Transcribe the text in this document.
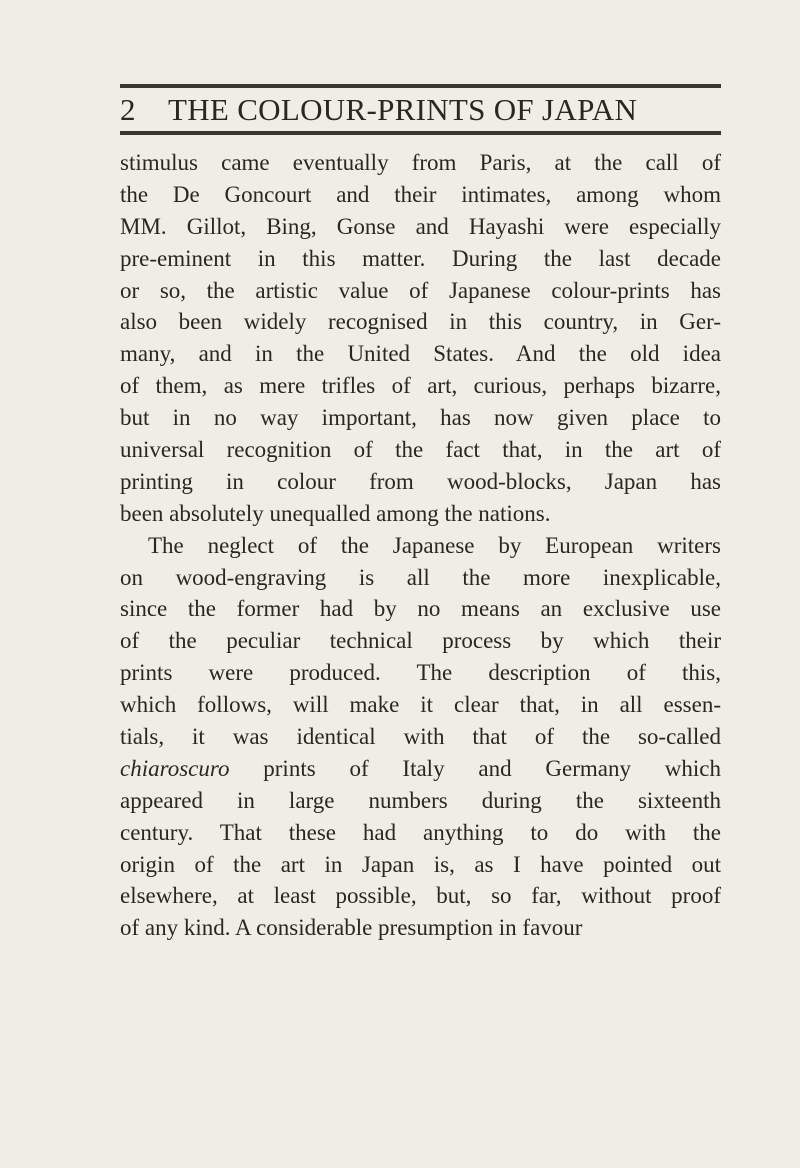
2 THE COLOUR-PRINTS OF JAPAN
stimulus came eventually from Paris, at the call of
the De Goncourt and their intimates, among whom
MM. Gillot, Bing, Gonse and Hayashi were especially
pre-eminent in this matter. During the last decade
or so, the artistic value of Japanese colour-prints has
also been widely recognised in this country, in Ger-
many, and in the United States. And the old idea
of them, as mere trifles of art, curious, perhaps bizarre,
but in no way important, has now given place to
universal recognition of the fact that, in the art of
printing in colour from wood-blocks, Japan has
been absolutely unequalled among the nations.
The neglect of the Japanese by European writers
on wood-engraving is all the more inexplicable,
since the former had by no means an exclusive use
of the peculiar technical process by which their
prints were produced. The description of this,
which follows, will make it clear that, in all essen-
tials, it was identical with that of the so-called
chiaroscuro prints of Italy and Germany which
appeared in large numbers during the sixteenth
century. That these had anything to do with the
origin of the art in Japan is, as I have pointed out
elsewhere, at least possible, but, so far, without proof
of any kind. A considerable presumption in favour
